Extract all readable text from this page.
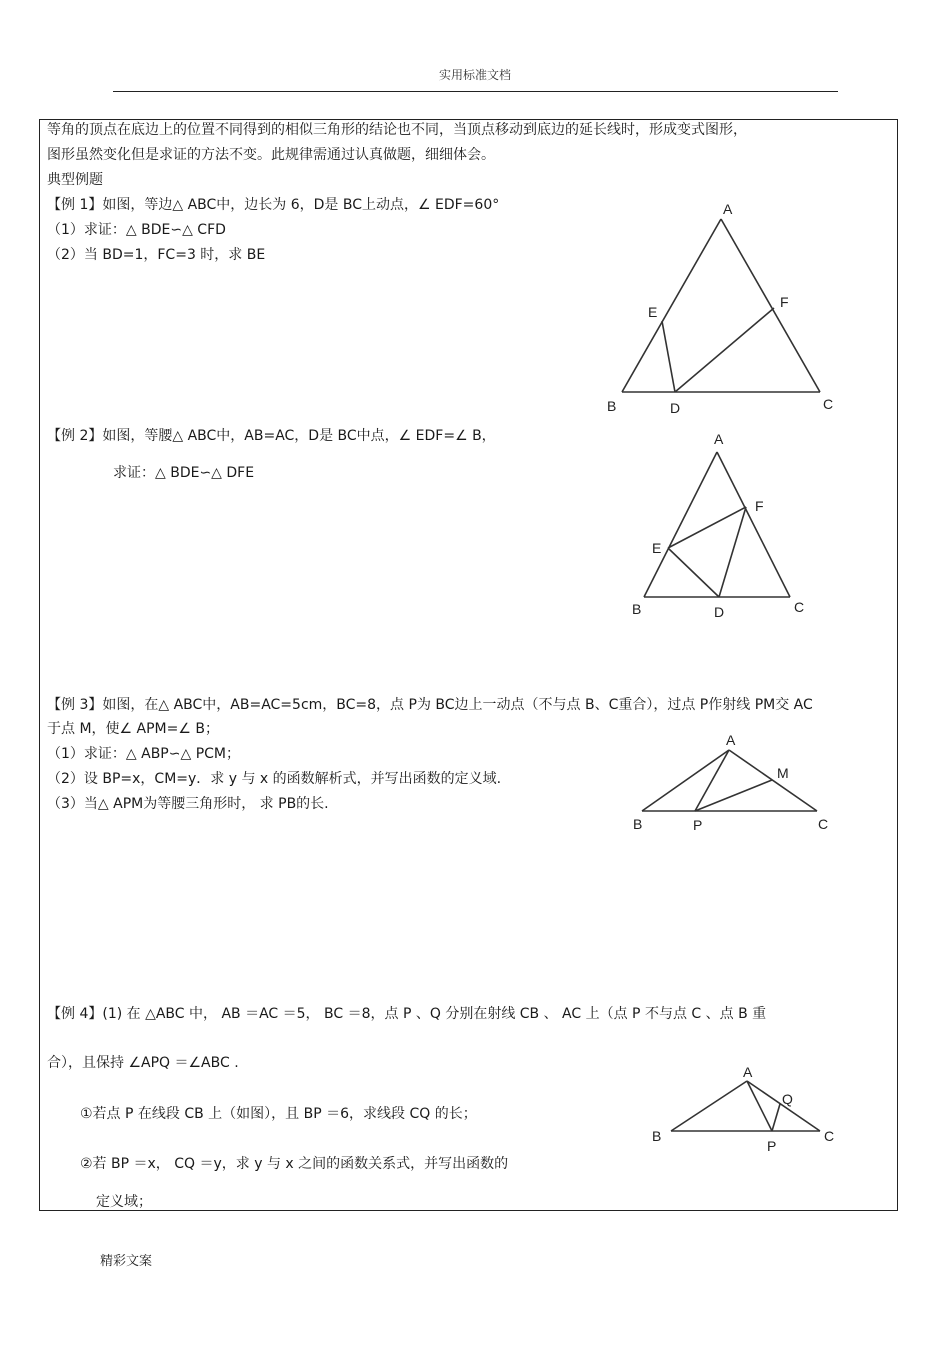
实用标准文档
等角的顶点在底边上的位置不同得到的相似三角形的结论也不同，当顶点移动到底边的延长线时，形成变式图形，
图形虽然变化但是求证的方法不变。此规律需通过认真做题，细细体会。
典型例题
【例 1】如图，等边△ ABC中，边长为 6，D是 BC上动点，∠ EDF=60°
（1）求证：△ BDE∽△ CFD
（2）当 BD=1，FC=3 时，求 BE
A
B	C
D
E
F
【例 2】如图，等腰△ ABC中，AB=AC，D是 BC中点，∠ EDF=∠ B，
求证：△ BDE∽△ DFE
A
B	C
D
E
F
【例 3】如图，在△ ABC中，AB=AC=5cm，BC=8，点 P为 BC边上一动点（不与点 B、C重合），过点 P作射线 PM交 AC
于点 M，使∠ APM=∠ B；
（1）求证：△ ABP∽△ PCM；
（2）设 BP=x，CM=y．求 y 与 x 的函数解析式，并写出函数的定义域.
（3）当△ APM为等腰三角形时， 求 PB的长.
A
B	C
M
P
【例 4】(1) 在 △ABC 中， AB ＝AC ＝5， BC ＝8，点 P 、Q 分别在射线 CB 、 AC 上（点 P 不与点 C 、点 B 重
合），且保持 ∠APQ ＝∠ABC .
①若点 P 在线段 CB 上（如图），且 BP ＝6，求线段 CQ 的长；
②若 BP ＝x， CQ ＝y，求 y 与 x 之间的函数关系式，并写出函数的
定义域；
A
B	C
P
Q
精彩文案
